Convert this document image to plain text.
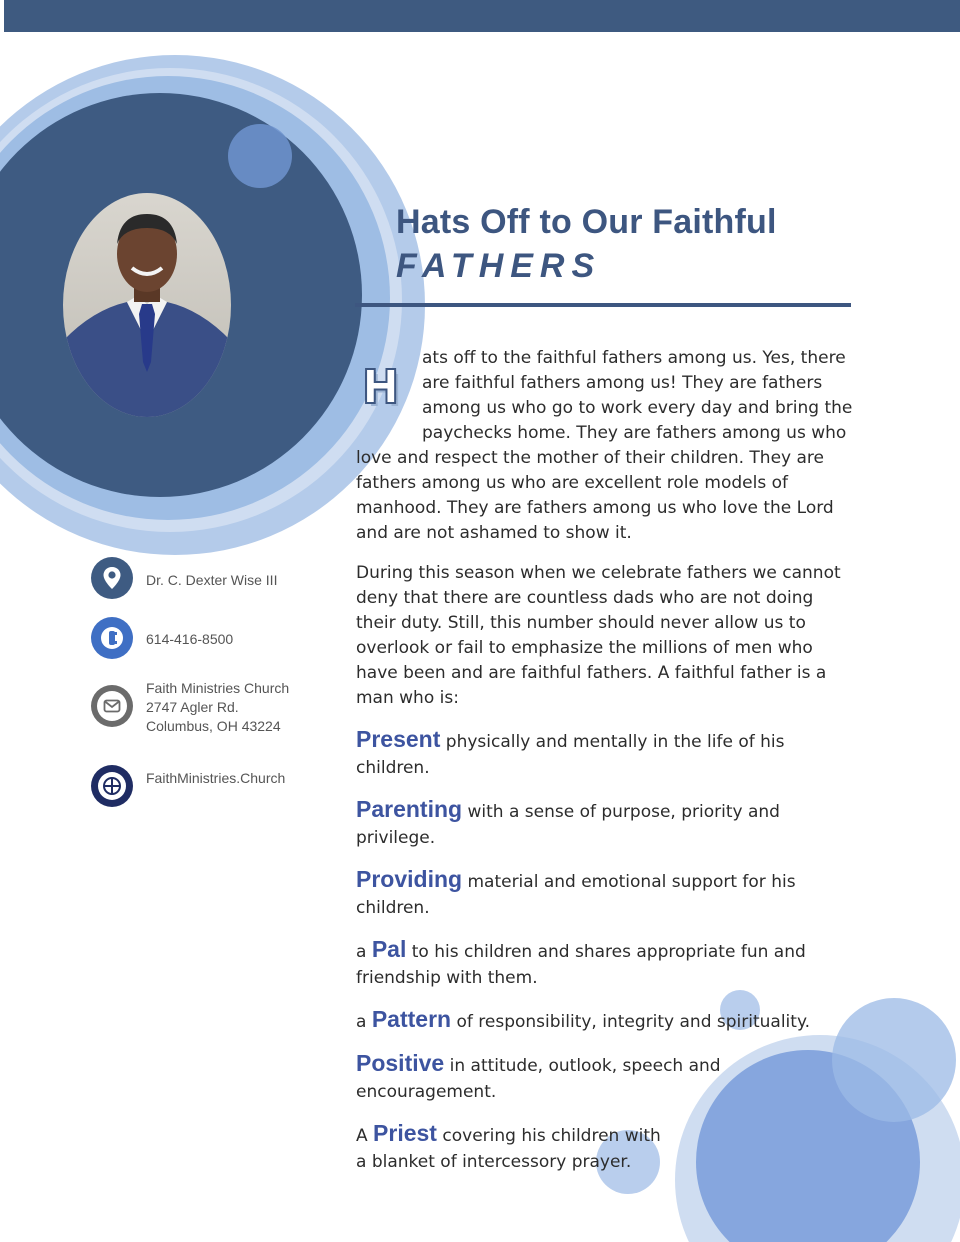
Hats Off to Our Faithful
FATHERS
H
ats off to the faithful fathers among us. Yes, there are faithful fathers among us! They are fathers among us who go to work every day and bring the paychecks home. They are fathers among us who love and respect the mother of their children. They are fathers among us who are excellent role models of manhood. They are fathers among us who love the Lord and are not ashamed to show it.
During this season when we celebrate fathers we cannot deny that there are countless dads who are not doing their duty. Still, this number should never allow us to overlook or fail to emphasize the millions of men who have been and are faithful fathers. A faithful father is a man who is:
Present physically and mentally in the life of his children.
Parenting with a sense of purpose, priority and privilege.
Providing material and emotional support for his children.
a Pal to his children and shares appropriate fun and friendship with them.
a Pattern of responsibility, integrity and spirituality.
Positive in attitude, outlook, speech and encouragement.
A Priest covering his children with a blanket of intercessory prayer.
Dr. C. Dexter Wise III
614-416-8500
Faith Ministries Church
2747 Agler Rd.
Columbus, OH 43224
FaithMinistries.Church
